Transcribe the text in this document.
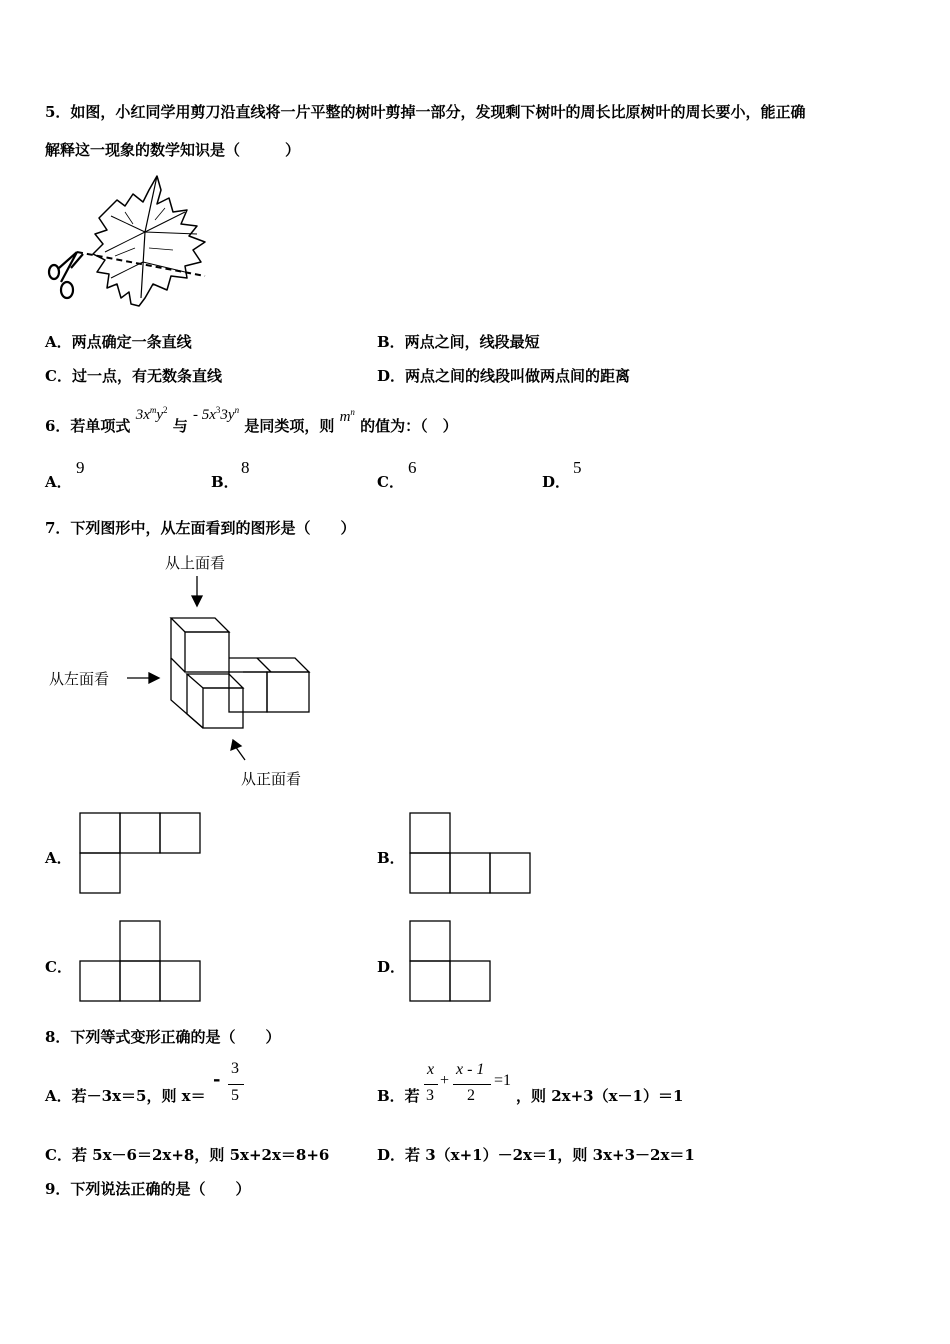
5．如图，小红同学用剪刀沿直线将一片平整的树叶剪掉一部分，发现剩下树叶的周长比原树叶的周长要小，能正确
解释这一现象的数学知识是（　　　）
A．两点确定一条直线	B．两点之间，线段最短
C．过一点，有无数条直线	D．两点之间的线段叫做两点间的距离
6．若单项式 $3x^my^2$ 与 - $5x^33y^n$ 是同类项，则 $m^n$ 的值为：（　）
A．
9
B．
8
C．
6
D．
5
7．下列图形中，从左面看到的图形是（　　）
从上面看
从左面看
从正面看
A．	B．
C．	D．
8．下列等式变形正确的是（　　）
A．若－3x＝5，则 x＝
-
3
5	B．若
x
3
+
x - 1
2
=1
，则 2x+3（x－1）＝1
C．若 5x－6＝2x+8，则 5x+2x＝8+6	D．若 3（x+1）－2x＝1，则 3x+3－2x＝1
9．下列说法正确的是（　　）
